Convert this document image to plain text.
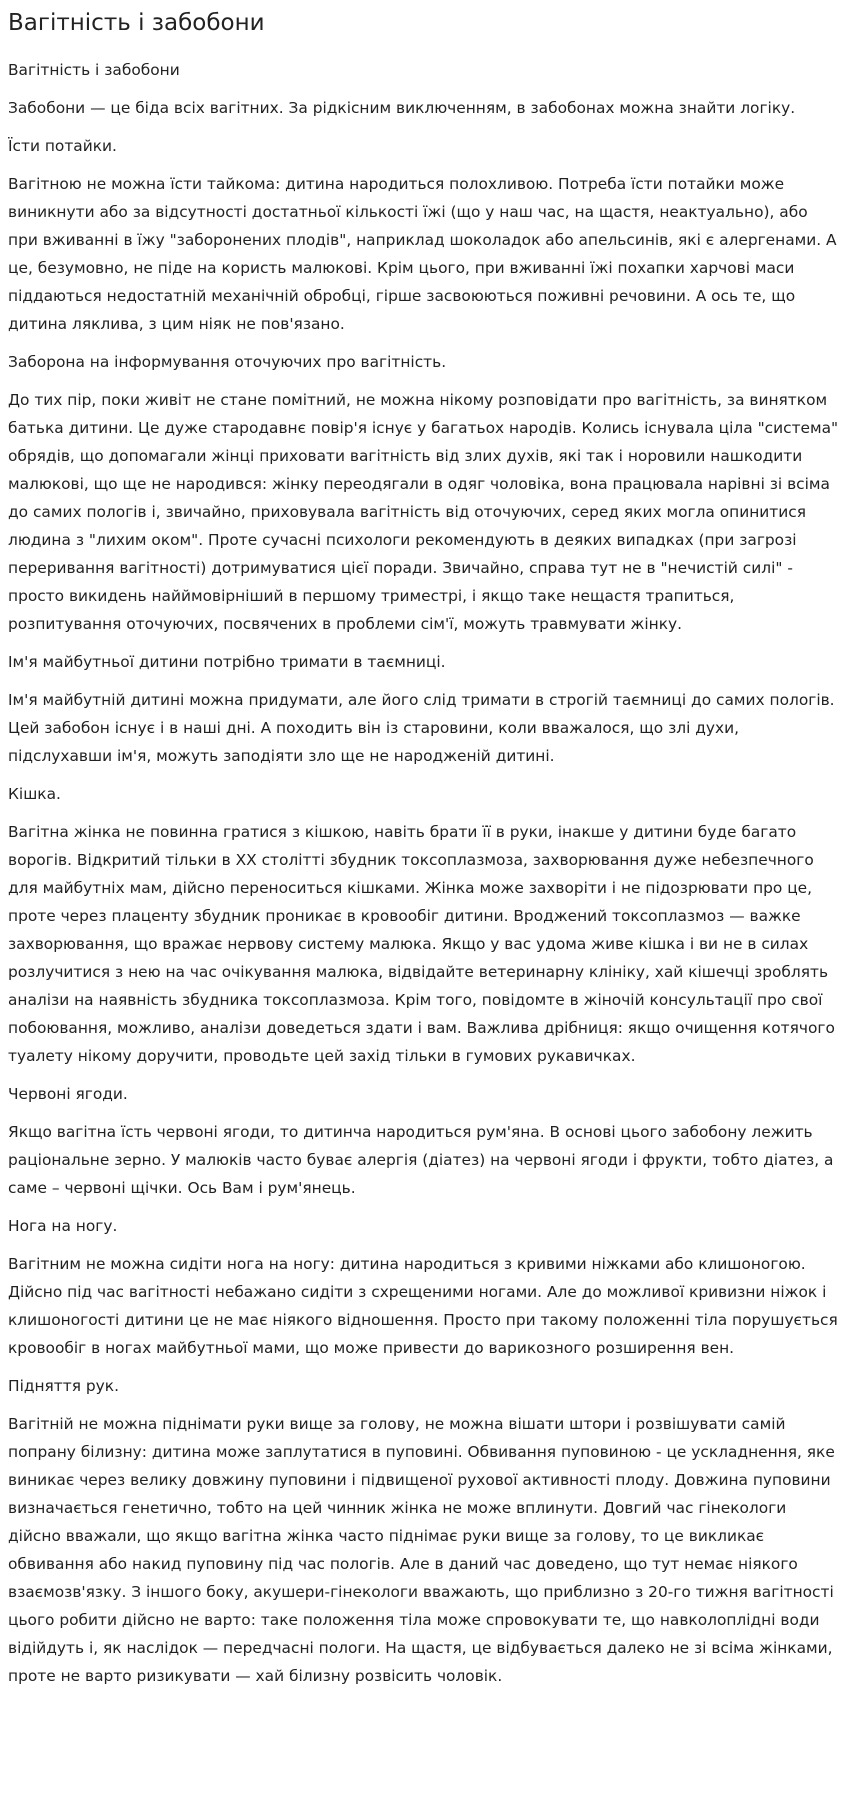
Вагітність і забобони

Вагітність і забобони

Забобони — це біда всіх вагітних. За рідкісним виключенням, в забобонах можна знайти логіку.

Їсти потайки.

Вагітною не можна їсти тайкома: дитина народиться полохливою. Потреба їсти потайки може виникнути або за відсутності достатньої кількості їжі (що у наш час, на щастя, неактуально), або при вживанні в їжу "заборонених плодів", наприклад шоколадок або апельсинів, які є алергенами. А це, безумовно, не піде на користь малюкові. Крім цього, при вживанні їжі похапки харчові маси піддаються недостатній механічній обробці, гірше засвоюються поживні речовини. А ось те, що дитина ляклива, з цим ніяк не пов'язано.

Заборона на інформування оточуючих про вагітність.

До тих пір, поки живіт не стане помітний, не можна нікому розповідати про вагітність, за винятком батька дитини. Це дуже стародавнє повір'я існує у багатьох народів. Колись існувала ціла "система" обрядів, що допомагали жінці приховати вагітність від злих духів, які так і норовили нашкодити малюкові, що ще не народився: жінку переодягали в одяг чоловіка, вона працювала нарівні зі всіма до самих пологів і, звичайно, приховувала вагітність від оточуючих, серед яких могла опинитися людина з "лихим оком". Проте сучасні психологи рекомендують в деяких випадках (при загрозі переривання вагітності) дотримуватися цієї поради. Звичайно, справа тут не в "нечистій силі" - просто викидень найймовірніший в першому триместрі, і якщо таке нещастя трапиться, розпитування оточуючих, посвячених в проблеми сім'ї, можуть травмувати жінку.

Ім'я майбутньої дитини потрібно тримати в таємниці.

Ім'я майбутній дитині можна придумати, але його слід тримати в строгій таємниці до самих пологів. Цей забобон існує і в наші дні. А походить він із старовини, коли вважалося, що злі духи, підслухавши ім'я, можуть заподіяти зло ще не народженій дитині.

Кішка.

Вагітна жінка не повинна гратися з кішкою, навіть брати її в руки, інакше у дитини буде багато ворогів. Відкритий тільки в XX столітті збудник токсоплазмоза, захворювання дуже небезпечного для майбутніх мам, дійсно переноситься кішками. Жінка може захворіти і не підозрювати про це, проте через плаценту збудник проникає в кровообіг дитини. Вроджений токсоплазмоз — важке захворювання, що вражає нервову систему малюка. Якщо у вас удома живе кішка і ви не в силах розлучитися з нею на час очікування малюка, відвідайте ветеринарну клініку, хай кішечці зроблять аналізи на наявність збудника токсоплазмоза. Крім того, повідомте в жіночій консультації про свої побоювання, можливо, аналізи доведеться здати і вам. Важлива дрібниця: якщо очищення котячого туалету нікому доручити, проводьте цей захід тільки в гумових рукавичках.

Червоні ягоди.

Якщо вагітна їсть червоні ягоди, то дитинча народиться рум'яна. В основі цього забобону лежить раціональне зерно. У малюків часто буває алергія (діатез) на червоні ягоди і фрукти, тобто діатез, а саме – червоні щічки. Ось Вам і рум'янець.

Нога на ногу.

Вагітним не можна сидіти нога на ногу: дитина народиться з кривими ніжками або клишоногою. Дійсно під час вагітності небажано сидіти з схрещеними ногами. Але до можливої кривизни ніжок і клишоногості дитини це не має ніякого відношення. Просто при такому положенні тіла порушується кровообіг в ногах майбутньої мами, що може привести до варикозного розширення вен.

Підняття рук.

Вагітній не можна піднімати руки вище за голову, не можна вішати штори і розвішувати самій попрану білизну: дитина може заплутатися в пуповині. Обвивання пуповиною - це ускладнення, яке виникає через велику довжину пуповини і підвищеної рухової активності плоду. Довжина пуповини визначається генетично, тобто на цей чинник жінка не може вплинути. Довгий час гінекологи дійсно вважали, що якщо вагітна жінка часто піднімає руки вище за голову, то це викликає обвивання або накид пуповину під час пологів. Але в даний час доведено, що тут немає ніякого взаємозв'язку. З іншого боку, акушери-гінекологи вважають, що приблизно з 20-го тижня вагітності цього робити дійсно не варто: таке положення тіла може спровокувати те, що навколоплідні води відійдуть і, як наслідок — передчасні пологи. На щастя, це відбувається далеко не зі всіма жінками, проте не варто ризикувати — хай білизну розвісить чоловік.
